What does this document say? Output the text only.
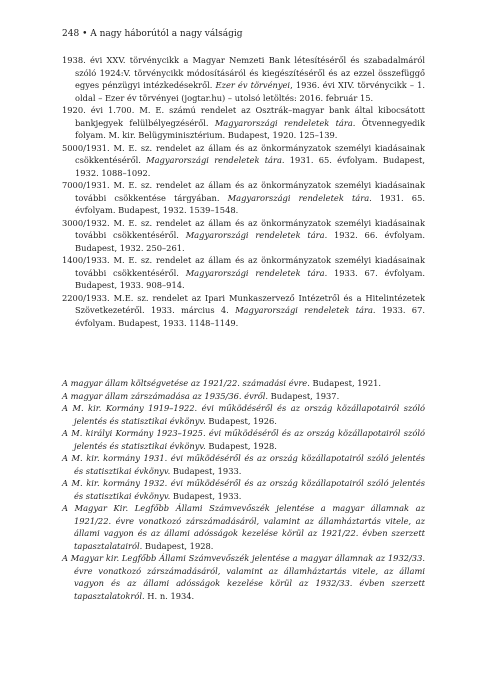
248 • A nagy háborútól a nagy válságig

1938. évi XXV. törvénycikk a Magyar Nemzeti Bank létesítéséről és szabadalmáról szóló 1924:V. törvénycikk módosításáról és kiegészítéséről és az ezzel összefüggő egyes pénzügyi intézkedésekről. Ezer év törvényei, 1936. évi XIV. törvénycikk – 1. oldal – Ezer év törvényei (jogtar.hu) – utolsó letöltés: 2016. február 15.

1920. évi 1.700. M. E. számú rendelet az Osztrák–magyar bank által kibocsátott bankjegyek felülbélyegzéséről. Magyarországi rendeletek tára. Ötvennegyedik folyam. M. kir. Belügyminisztérium. Budapest, 1920. 125–139.

5000/1931. M. E. sz. rendelet az állam és az önkormányzatok személyi kiadásainak csökkentéséről. Magyarországi rendeletek tára. 1931. 65. évfolyam. Budapest, 1932. 1088–1092.

7000/1931. M. E. sz. rendelet az állam és az önkormányzatok személyi kiadásainak további csökkentése tárgyában. Magyarországi rendeletek tára. 1931. 65. évfolyam. Budapest, 1932. 1539–1548.

3000/1932. M. E. sz. rendelet az állam és az önkormányzatok személyi kiadásainak további csökkentéséről. Magyarországi rendeletek tára. 1932. 66. évfolyam. Budapest, 1932. 250–261.

1400/1933. M. E. sz. rendelet az állam és az önkormányzatok személyi kiadásainak további csökkentéséről. Magyarországi rendeletek tára. 1933. 67. évfolyam. Budapest, 1933. 908–914.

2200/1933. M.E. sz. rendelet az Ipari Munkaszervező Intézetről és a Hitelintézetek Szövetkezetéről. 1933. március 4. Magyarországi rendeletek tára. 1933. 67. évfolyam. Budapest, 1933. 1148–1149.

A magyar állam költségvetése az 1921/22. számadási évre. Budapest, 1921.

A magyar állam zárszámadása az 1935/36. évről. Budapest, 1937.

A M. kir. Kormány 1919–1922. évi működéséről és az ország közállapotairól szóló jelentés és statisztikai évkönyv. Budapest, 1926.

A M. királyi Kormány 1923–1925. évi működéséről és az ország közállapotairól szóló jelentés és statisztikai évkönyv. Budapest, 1928.

A M. kir. kormány 1931. évi működéséről és az ország közállapotairól szóló jelentés és statisztikai évkönyv. Budapest, 1933.

A M. kir. kormány 1932. évi működéséről és az ország közállapotairól szóló jelentés és statisztikai évkönyv. Budapest, 1933.

A Magyar Kir. Legfőbb Állami Számvevőszék jelentése a magyar államnak az 1921/22. évre vonatkozó zárszámadásáról, valamint az államháztartás vitele, az állami vagyon és az állami adósságok kezelése körül az 1921/22. évben szerzett tapasztalatairól. Budapest, 1928.

A Magyar kir. Legfőbb Állami Számvevőszék jelentése a magyar államnak az 1932/33. évre vonatkozó zárszámadásáról, valamint az államháztartás vitele, az állami vagyon és az állami adósságok kezelése körül az 1932/33. évben szerzett tapasztalatokról. H. n. 1934.
